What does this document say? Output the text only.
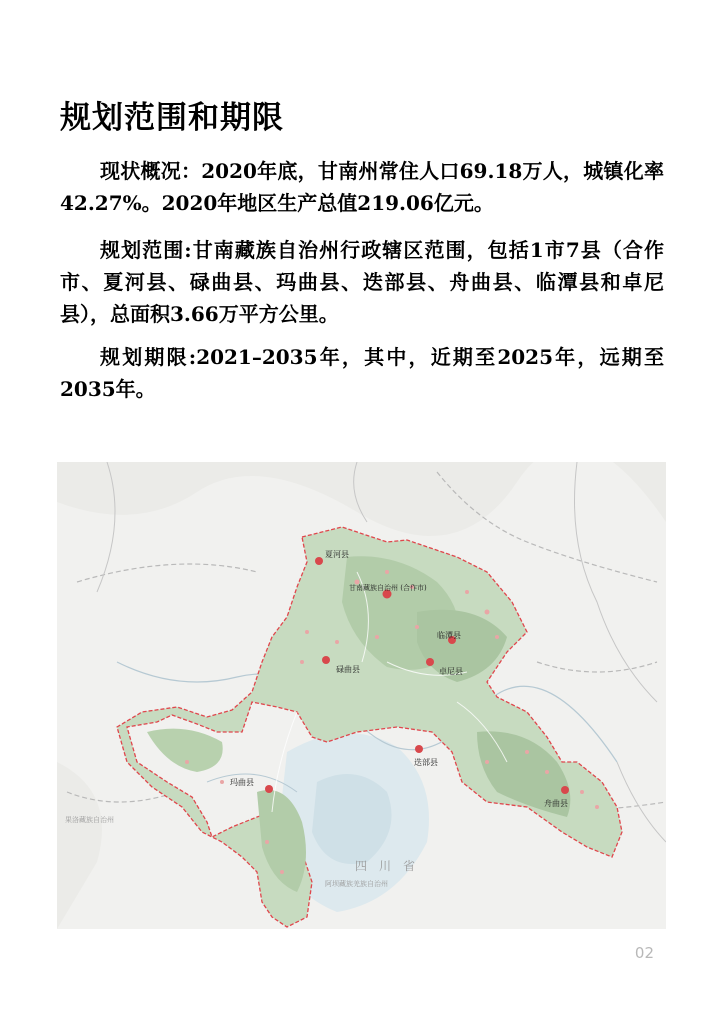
规划范围和期限

现状概况：2020年底，甘南州常住人口69.18万人，城镇化率42.27%。2020年地区生产总值219.06亿元。

规划范围:甘南藏族自治州行政辖区范围，包括1市7县（合作市、夏河县、碌曲县、玛曲县、迭部县、舟曲县、临潭县和卓尼县），总面积3.66万平方公里。

规划期限:2021–2035年，其中，近期至2025年，远期至2035年。

夏河县
甘南藏族自治州 (合作市)
临潭县
卓尼县
碌曲县
玛曲县
迭部县
舟曲县
四　川　省
阿坝藏族羌族自治州
果洛藏族自治州
02
